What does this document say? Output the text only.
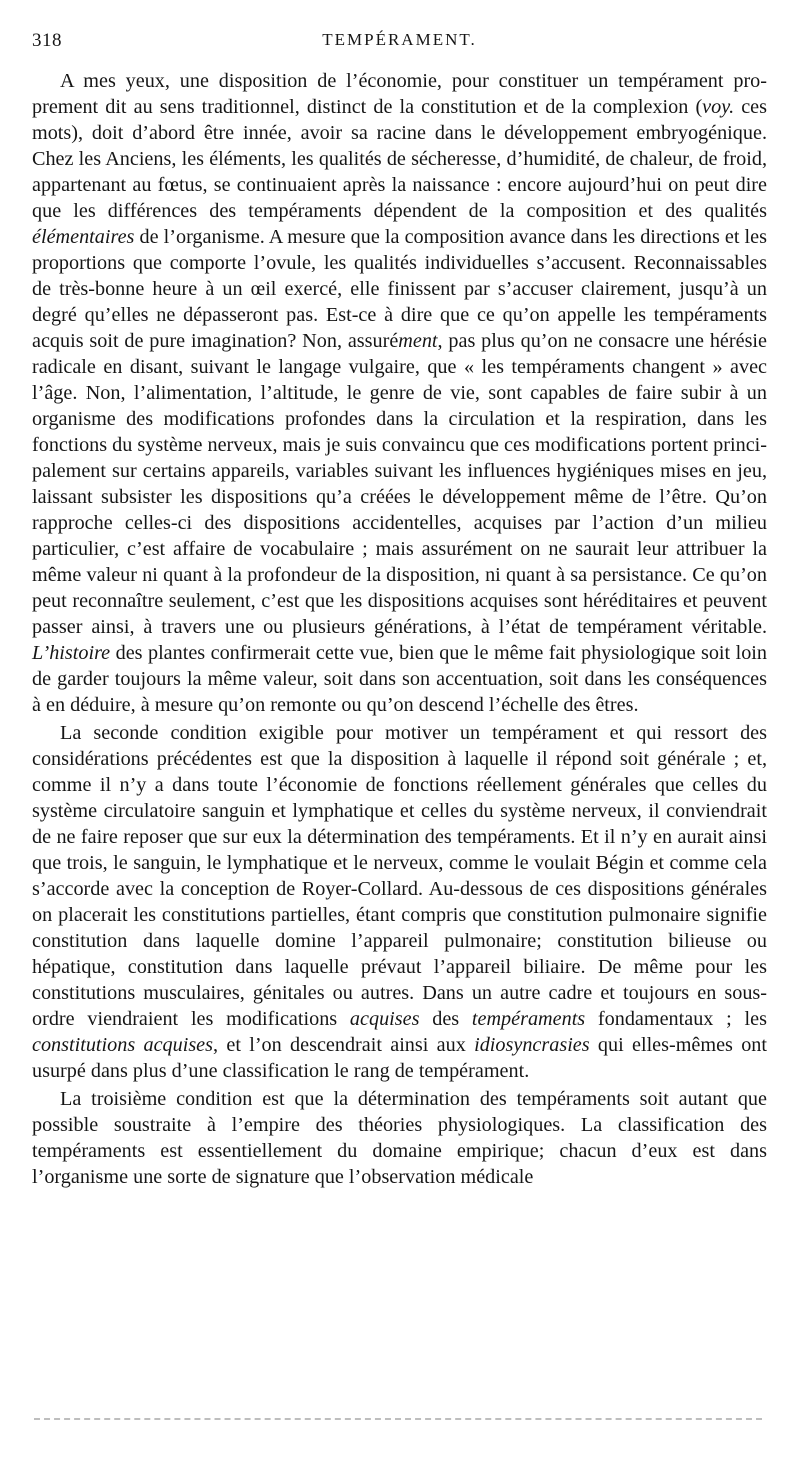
318	TEMPÉRAMENT.

A mes yeux, une disposition de l’économie, pour constituer un tempérament proprement dit au sens traditionnel, distinct de la constitution et de la complexion (voy. ces mots), doit d’abord être innée, avoir sa racine dans le développement embryogénique. Chez les Anciens, les éléments, les qualités de sécheresse, d’humidité, de chaleur, de froid, appartenant au fœtus, se continuaient après la naissance : encore aujourd’hui on peut dire que les différences des tempéraments dépendent de la composition et des qualités élémentaires de l’organisme. A mesure que la composition avance dans les directions et les proportions que comporte l’ovule, les qualités individuelles s’accusent. Reconnaissables de très-bonne heure à un œil exercé, elle finissent par s’accuser clairement, jusqu’à un degré qu’elles ne dépasseront pas. Est-ce à dire que ce qu’on appelle les tempéraments acquis soit de pure imagination? Non, assurément, pas plus qu’on ne consacre une hérésie radicale en disant, suivant le langage vulgaire, que « les tempéraments changent » avec l’âge. Non, l’alimentation, l’altitude, le genre de vie, sont capables de faire subir à un organisme des modifications profondes dans la circulation et la respiration, dans les fonctions du système nerveux, mais je suis convaincu que ces modifications portent principalement sur certains appareils, variables suivant les influences hygiéniques mises en jeu, laissant subsister les dispositions qu’a créées le développement même de l’être. Qu’on rapproche celles-ci des dispositions accidentelles, acquises par l’action d’un milieu particulier, c’est affaire de vocabulaire ; mais assurément on ne saurait leur attribuer la même valeur ni quant à la profondeur de la disposition, ni quant à sa persistance. Ce qu’on peut reconnaître seulement, c’est que les dispositions acquises sont héréditaires et peuvent passer ainsi, à travers une ou plusieurs générations, à l’état de tempérament véritable. L’histoire des plantes confirmerait cette vue, bien que le même fait physiologique soit loin de garder toujours la même valeur, soit dans son accentuation, soit dans les conséquences à en déduire, à mesure qu’on remonte ou qu’on descend l’échelle des êtres.

La seconde condition exigible pour motiver un tempérament et qui ressort des considérations précédentes est que la disposition à laquelle il répond soit générale ; et, comme il n’y a dans toute l’économie de fonctions réellement générales que celles du système circulatoire sanguin et lymphatique et celles du système nerveux, il conviendrait de ne faire reposer que sur eux la détermination des tempéraments. Et il n’y en aurait ainsi que trois, le sanguin, le lymphatique et le nerveux, comme le voulait Bégin et comme cela s’accorde avec la conception de Royer-Collard. Au-dessous de ces dispositions générales on placerait les constitutions partielles, étant compris que constitution pulmonaire signifie constitution dans laquelle domine l’appareil pulmonaire; constitution bilieuse ou hépatique, constitution dans laquelle prévaut l’appareil biliaire. De même pour les constitutions musculaires, génitales ou autres. Dans un autre cadre et toujours en sous-ordre viendraient les modifications acquises des tempéraments fondamentaux ; les constitutions acquises, et l’on descendrait ainsi aux idiosyncrasies qui elles-mêmes ont usurpé dans plus d’une classification le rang de tempérament.

La troisième condition est que la détermination des tempéraments soit autant que possible soustraite à l’empire des théories physiologiques. La classification des tempéraments est essentiellement du domaine empirique; chacun d’eux est dans l’organisme une sorte de signature que l’observation médicale
